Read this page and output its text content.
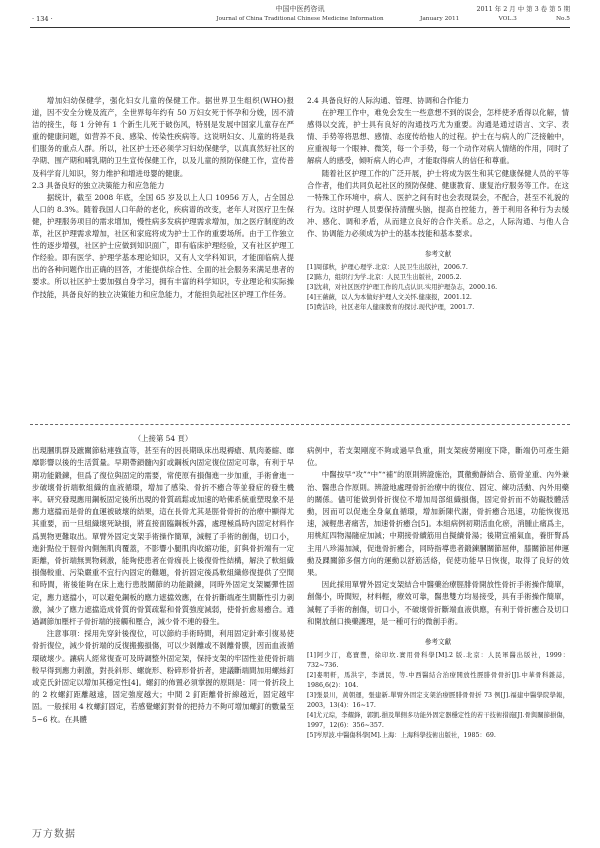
· 134 ·
中国中医药咨讯
Journal of China Traditional Chinese Medicine Information
2011 年 2 月 中 第 3 卷 第 5 期
January 2011	VOL.3	No.5

增加妇幼保健学，强化妇女儿童的保健工作。据世界卫生组织(WHO)报道，因不安全分娩及流产，全世界每年约有 50 万妇女死于怀孕和分娩，因不清洁的接生，每 1 分钟有 1 个新生儿死于破伤风，特别是发展中国家儿童存在严重的健康问题，如营养不良、感染、传染性疾病等。这说明妇女、儿童的将是我们服务的重点人群。所以，社区护士还必须学习妇幼保健学，以真真然好社区的孕期、围产期和哺乳期的卫生宣传保健工作，以及儿童的预防保健工作，宣传普及科学育儿知识，努力维护和增进母婴的健康。

2.3 具备良好的独立决策能力和应急能力

据统计，截至 2008 年底，全国 65 岁及以上人口 10956 万人，占全国总人口的 8.3%。随着我国人口年龄的老化，疾病谱的改变，老年人对医疗卫生保健，护理服务项目的需求增加，慢性病多发病护理需求增加，加之医疗制度的改革，社区护理需求增加，社区和家庭将成为护士工作的重要场所。由于工作独立性的逐步增强，社区护士应做到知识面广，即有临床护理经验，又有社区护理工作经验。即有医学、护理学基本理论知识，又有人文学科知识，才能面临病人提出的各种问题作出正确的回答，才能提供综合性、全面的社会服务来满足患者的要求。所以社区护士要加强自身学习，拥有丰富的科学知识，专业理论和实际操作技能，具备良好的独立决策能力和应急能力，才能担负起社区护理工作任务。

2.4 具备良好的人际沟通、管理、协调和合作能力

在护理工作中，难免会发生一些意想不到的误会，怎样使矛盾得以化解，情感得以交流，护士具有良好的沟通技巧尤为重要。沟通是通过语言、文字、表情、手势等将思想、感情、态度传给他人的过程。护士在与病人的广泛接触中，应重视每一个眼神、微笑，每一个手势，每一个动作对病人情绪的作用，同时了解病人的感受，倾听病人的心声，才能取得病人的信任和尊重。

随着社区护理工作的广泛开展，护士将成为医生和其它健康保健人员的平等合作者，他们共同负起社区的预防保健、健康教育、康复治疗服务等工作。在这一特殊工作环境中，病人、医护之间有时也会表现误会，不配合，甚至不礼貌的行为。这时护理人员要保持清醒头脑，提高自控能力，善于利用各种行为去缓冲、感化、调和矛盾，从而建立良好的合作关系。总之，人际沟通、与他人合作、协调能力必须成为护士的基本技能和基本要求。

参考文献

[1]周郁秋，护理心理学.北京：人民卫生出版社，2006.7.

[2]陈力，组织行为学.北京：人民卫生出版社，2005.2.

[3]沈莉，对社区医疗护理工作的几点认识.实用护理杂志，2000.16.

[4]王薇薇，以人为本做好护理人文关怀.健康报，2001.12.

[5]费洁玲，社区老年人健康教育的探讨.现代护理，2001.7.

（上接第 54 頁）

出現膕肌群及蹠關節粘連強直等，甚至有的因長期臥床出現褥瘡、肌肉萎縮、靡靡影響以後的生活質量。早期帶鎖髓內釘或鋼板內固定復位固定可靠，有利于早期功能鍛鍊，但爲了復位與固定的需要，常使原有損傷進一步加重，手術會進一步破壞骨折端軟組織的血液循環，增加了感染、骨折不癒合等並發症的發生機率。研究發現應用鋼板固定後所出現的骨質疏鬆或加速的哈佛系統重塑現象不是應力遮擋而是骨的血運被破壞的結果，這在長骨尤其是脛骨骨折的治療中顯得尤其重要，而一旦組織壞死缺損，將直接面臨鋼板外露，處理極爲時內固定材料作爲異物更難取出。單臂外固定支架手術操作簡單，減輕了手術的創傷，切口小，進針點位于脛骨內側無肌肉覆蓋，不影響小腿肌肉收縮功能，釘與骨折端有一定距離，骨折端無異物刺激，能夠使患者在骨痂長上後復骨性結構，解決了軟組織損傷較重、污染嚴重不宜行內固定的難題，骨折固定後爲軟組織修復提供了空間和時間，術後能夠在床上進行患肢關節的功能鍛鍊，同時外固定支架屬彈性固定，應力遮擋小，可以避免鋼板的應力遮擋效應，在骨折斷端產生間斷性引力刺激，減少了應力遮擋造成骨質的骨質疏鬆和骨質強度減弱，使骨折愈易癒合。通過調節加壓杆子骨折端的接觸和壓合，減少骨不連的發生。

注意事項：採用先穿針後復位，可以節約手術時間，利用固定針牽引復易使骨折復位，減少骨折端的反復搬搬損傷，可以少剝離或不剝離骨膜，因而血液循環破壞少。讓病人經常復查可及時調整外固定架，保持支架的牢固性並使骨折端較早得到應力刺激，對長斜形、螺旋形、粉碎形骨折者，建議斷端間加用螺絲釘或克氏針固定以增加其穩定性[4]。螺釘的佈置必須掌握的原則是：同一骨折段上的 2 枚螺釘距離越遠，固定強度越大；中間 2 釘距離骨折線越近，固定越牢固。一般採用 4 枚螺釘固定，若感覺螺釘對骨的把持力不夠可增加螺釘的數量至 5~6 枚。在具體

病例中，若支架剛度不夠或過早負重，則支架疲勞剛度下降，斷端仍可產生錯位。

中醫按早“攻”“中”“補”的原則辨證施治，貫徹動靜結合、筋骨並重、內外兼治、醫患合作原則。辨證地處理骨折治療中的復位、固定、練功活動、內外用藥的關係。儘可能做到骨折復位不增加局部組織損傷，固定骨折而不妨礙肢體活動，因而可以促進全身氣血循環，增加新陳代謝，骨折癒合迅速，功能恢復迅速，減輕患者痛苦，加速骨折癒合[5]。本組病例初期活血化瘀，消腫止痛爲主，用桃紅四物湯隨症加減；中期接骨續筋用自擬續骨湯；後期宜補氣血，養肝腎爲主用八珍湯加減，促進骨折癒合，同時指導患者鍛鍊膕關節屈伸，膝關節屈伸運動及踝關節多個方向的運動以舒筋活絡，促使功能早日恢復，取得了良好的效果。

因此採用單臂外固定支架結合中醫藥治療脛腓骨開放性骨折手術操作簡單，創傷小，時間短，材料輕，療效可靠，醫患雙方均易接受，具有手術操作簡單，減輕了手術的創傷，切口小，不破壞骨折斷端血液供應，有利于骨折癒合及切口和開放創口換藥護理，是一種可行的微創手術。

參考文獻

[1]阿少汀，葛寶豐，徐印坎.實用骨科學[M].2 版.北京：人民軍醫出版社，1999：732~736.

[2]婁明軒，馬洪宇，李湧民，等.中西醫結合治療開放性脛腓骨骨折[J].中華骨科雜誌，1986,6(2)：104.

[3]張景川，黃朝運，張建新.單臂外固定支架治療脛腓骨骨折 73 例[J].福建中醫學院學報，2003，13(4)：16~17.

[4]尤元琮，李耀鋒，郭凱.損及單側多功能外固定器穩定性的若干技術措施[J].骨與關節損傷，1997，12(6)：356~357.

[5]岑厚波.中醫傷科學[M].上海：上海科學技術出版社，1985：69.

万方数据
